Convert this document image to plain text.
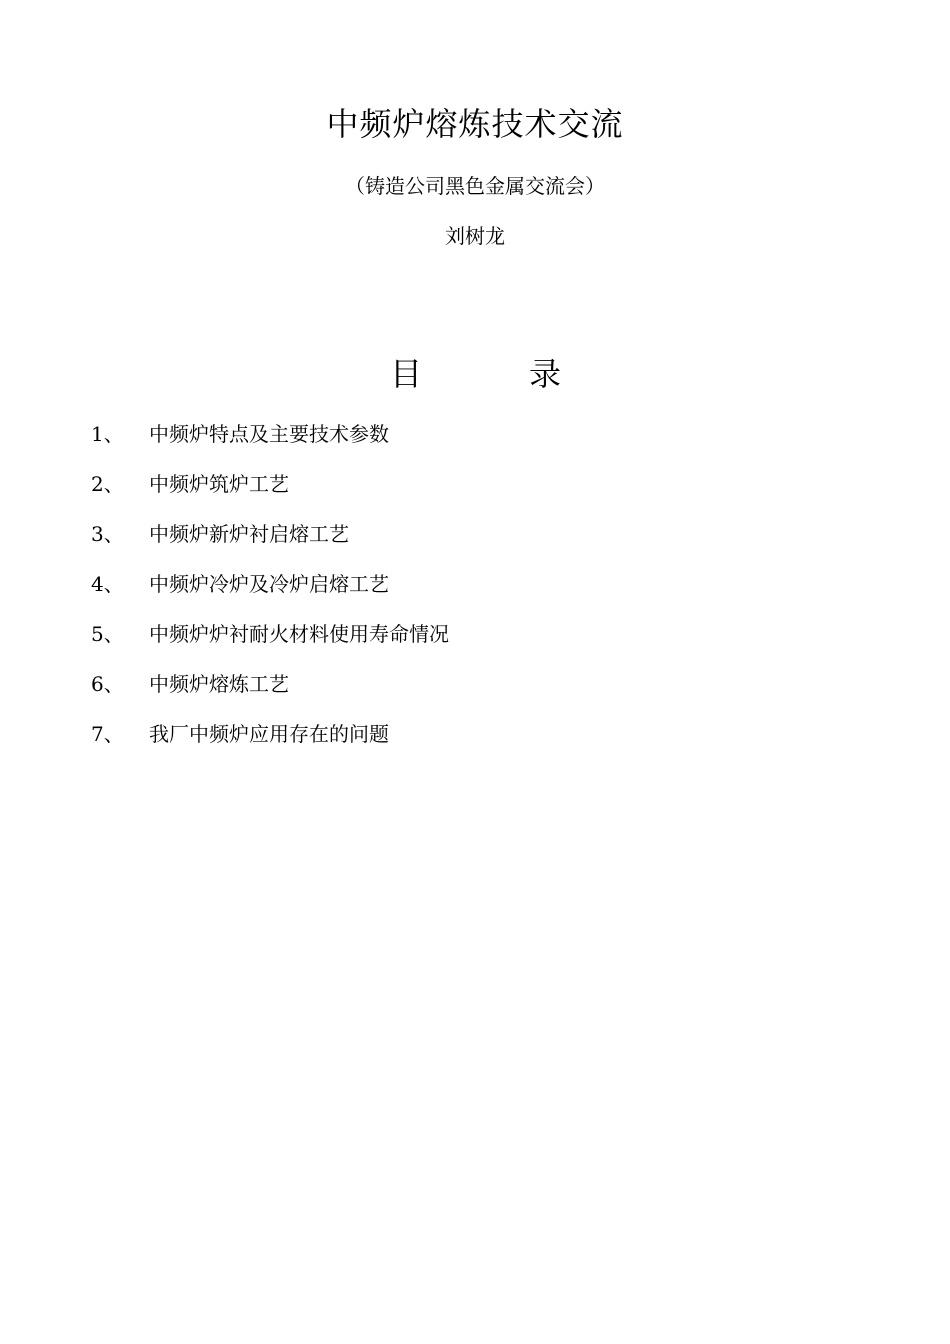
中频炉熔炼技术交流
（铸造公司黑色金属交流会）
刘树龙
目	录
1、 中频炉特点及主要技术参数
2、 中频炉筑炉工艺
3、 中频炉新炉衬启熔工艺
4、 中频炉冷炉及冷炉启熔工艺
5、 中频炉炉衬耐火材料使用寿命情况
6、 中频炉熔炼工艺
7、 我厂中频炉应用存在的问题
